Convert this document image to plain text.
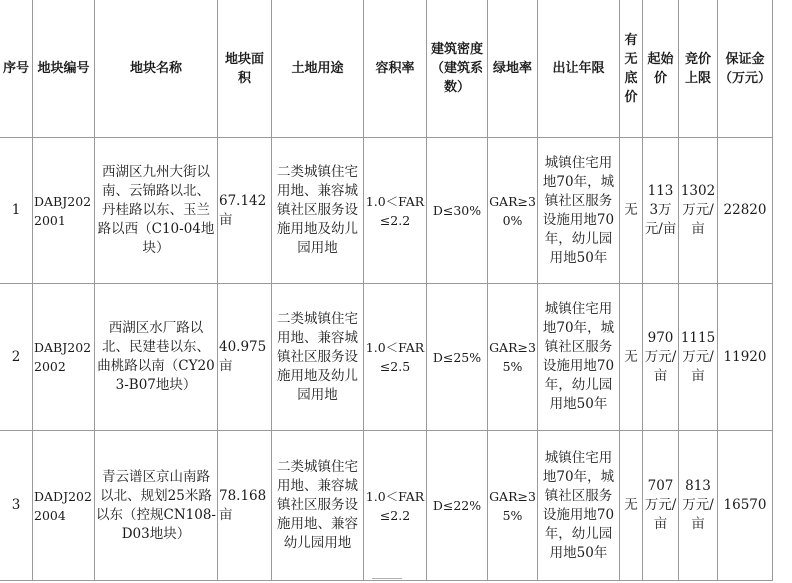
序号	地块编号	地块名称	地块面积	土地用途	容积率	建筑密度（建筑系数）	绿地率	出让年限	有无底价	起始价	竞价上限	保证金（万元）
1	DABJ2022001	西湖区九州大街以南、云锦路以北、丹桂路以东、玉兰路以西（C10-04地块）	67.142亩	二类城镇住宅用地、兼容城镇社区服务设施用地及幼儿园用地	1.0＜FAR≤2.2	D≤30%	GAR≥30%	城镇住宅用地70年，城镇社区服务设施用地70年，幼儿园用地50年	无	1133万元/亩	1302万元/亩	22820
2	DABJ2022002	西湖区水厂路以北、民建巷以东、曲桃路以南（CY203-B07地块）	40.975亩	二类城镇住宅用地、兼容城镇社区服务设施用地及幼儿园用地	1.0＜FAR≤2.5	D≤25%	GAR≥35%	城镇住宅用地70年，城镇社区服务设施用地70年，幼儿园用地50年	无	970万元/亩	1115万元/亩	11920
3	DADJ2022004	青云谱区京山南路以北、规划25米路以东（控规CN108-D03地块）	78.168亩	二类城镇住宅用地、兼容城镇社区服务设施用地、兼容幼儿园用地	1.0＜FAR≤2.2	D≤22%	GAR≥35%	城镇住宅用地70年，城镇社区服务设施用地70年，幼儿园用地50年	无	707万元/亩	813万元/亩	16570
